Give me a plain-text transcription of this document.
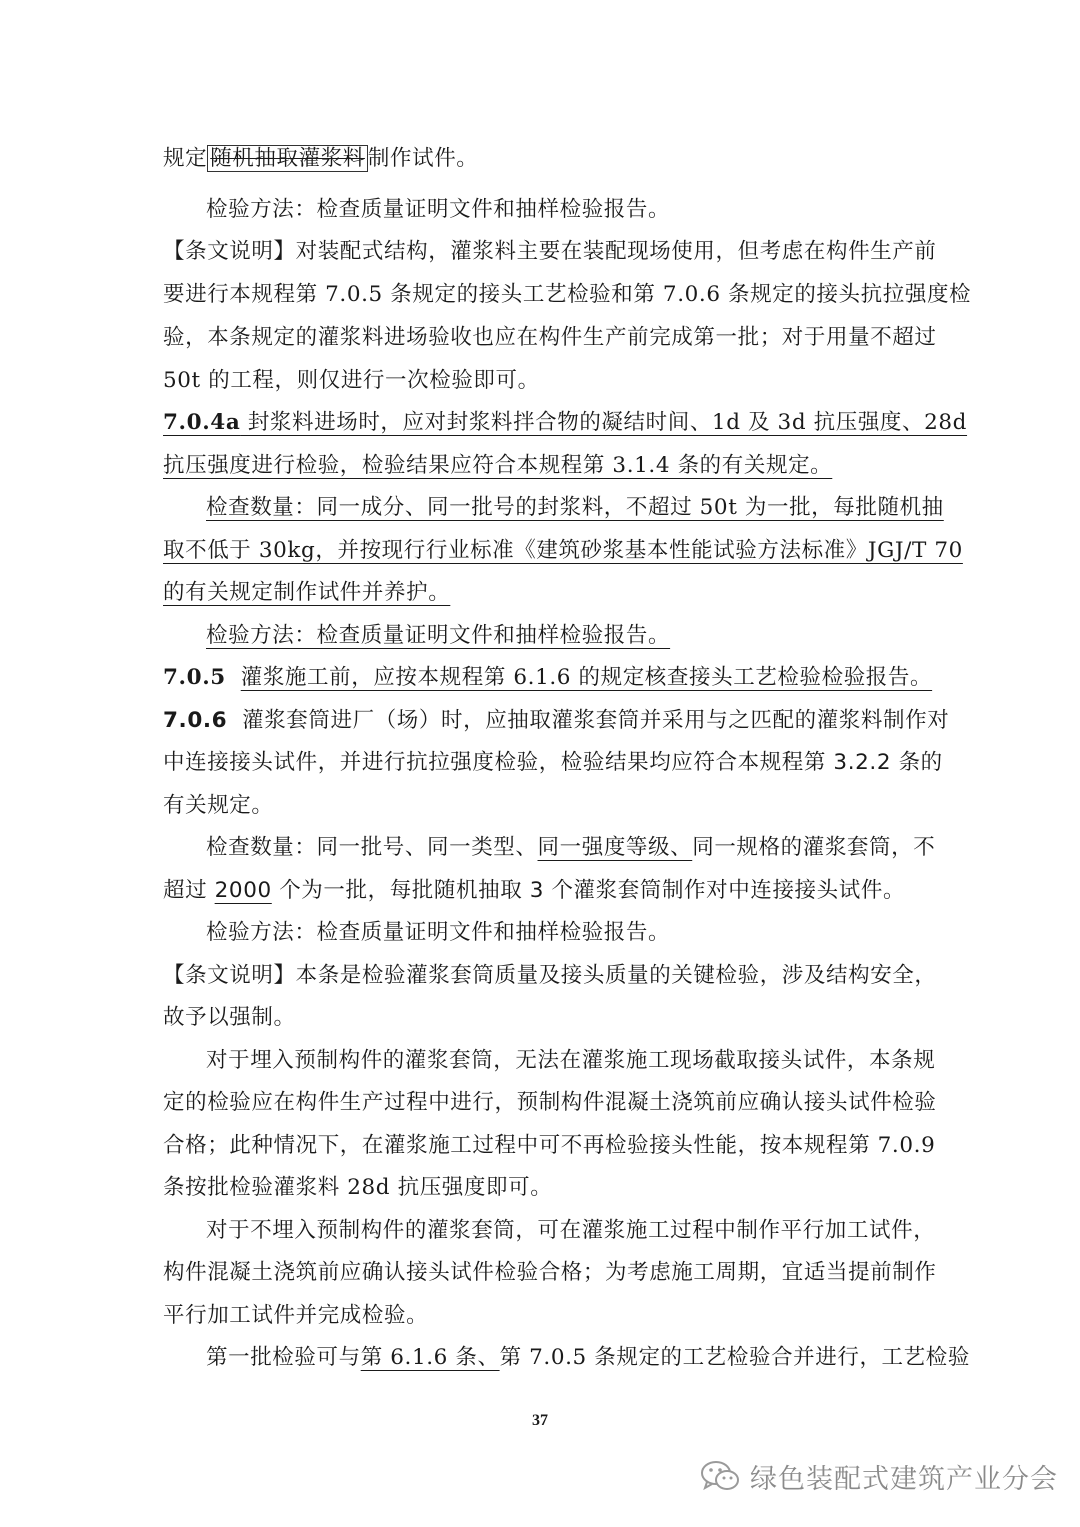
规定 随机抽取灌浆料 制作试件。
检验方法：检查质量证明文件和抽样检验报告。
【条文说明】对装配式结构，灌浆料主要在装配现场使用，但考虑在构件生产前
要进行本规程第 7.0.5 条规定的接头工艺检验和第 7.0.6 条规定的接头抗拉强度检
验，本条规定的灌浆料进场验收也应在构件生产前完成第一批；对于用量不超过
50t 的工程，则仅进行一次检验即可。
7.0.4a 封浆料进场时，应对封浆料拌合物的凝结时间、1d 及 3d 抗压强度、28d
抗压强度进行检验，检验结果应符合本规程第 3.1.4 条的有关规定。
检查数量：同一成分、同一批号的封浆料，不超过 50t 为一批，每批随机抽
取不低于 30kg，并按现行行业标准《建筑砂浆基本性能试验方法标准》JGJ/T 70
的有关规定制作试件并养护。
检验方法：检查质量证明文件和抽样检验报告。
7.0.5 灌浆施工前，应按本规程第 6.1.6 的规定核查接头工艺检验检验报告。
7.0.6 灌浆套筒进厂（场）时，应抽取灌浆套筒并采用与之匹配的灌浆料制作对
中连接接头试件，并进行抗拉强度检验，检验结果均应符合本规程第 3.2.2 条的
有关规定。
检查数量：同一批号、同一类型、同一强度等级、同一规格的灌浆套筒，不
超过 2000 个为一批，每批随机抽取 3 个灌浆套筒制作对中连接接头试件。
检验方法：检查质量证明文件和抽样检验报告。
【条文说明】本条是检验灌浆套筒质量及接头质量的关键检验，涉及结构安全，
故予以强制。
对于埋入预制构件的灌浆套筒，无法在灌浆施工现场截取接头试件，本条规
定的检验应在构件生产过程中进行，预制构件混凝土浇筑前应确认接头试件检验
合格；此种情况下，在灌浆施工过程中可不再检验接头性能，按本规程第 7.0.9
条按批检验灌浆料 28d 抗压强度即可。
对于不埋入预制构件的灌浆套筒，可在灌浆施工过程中制作平行加工试件，
构件混凝土浇筑前应确认接头试件检验合格；为考虑施工周期，宜适当提前制作
平行加工试件并完成检验。
第一批检验可与第 6.1.6 条、第 7.0.5 条规定的工艺检验合并进行，工艺检验
37
绿色装配式建筑产业分会
